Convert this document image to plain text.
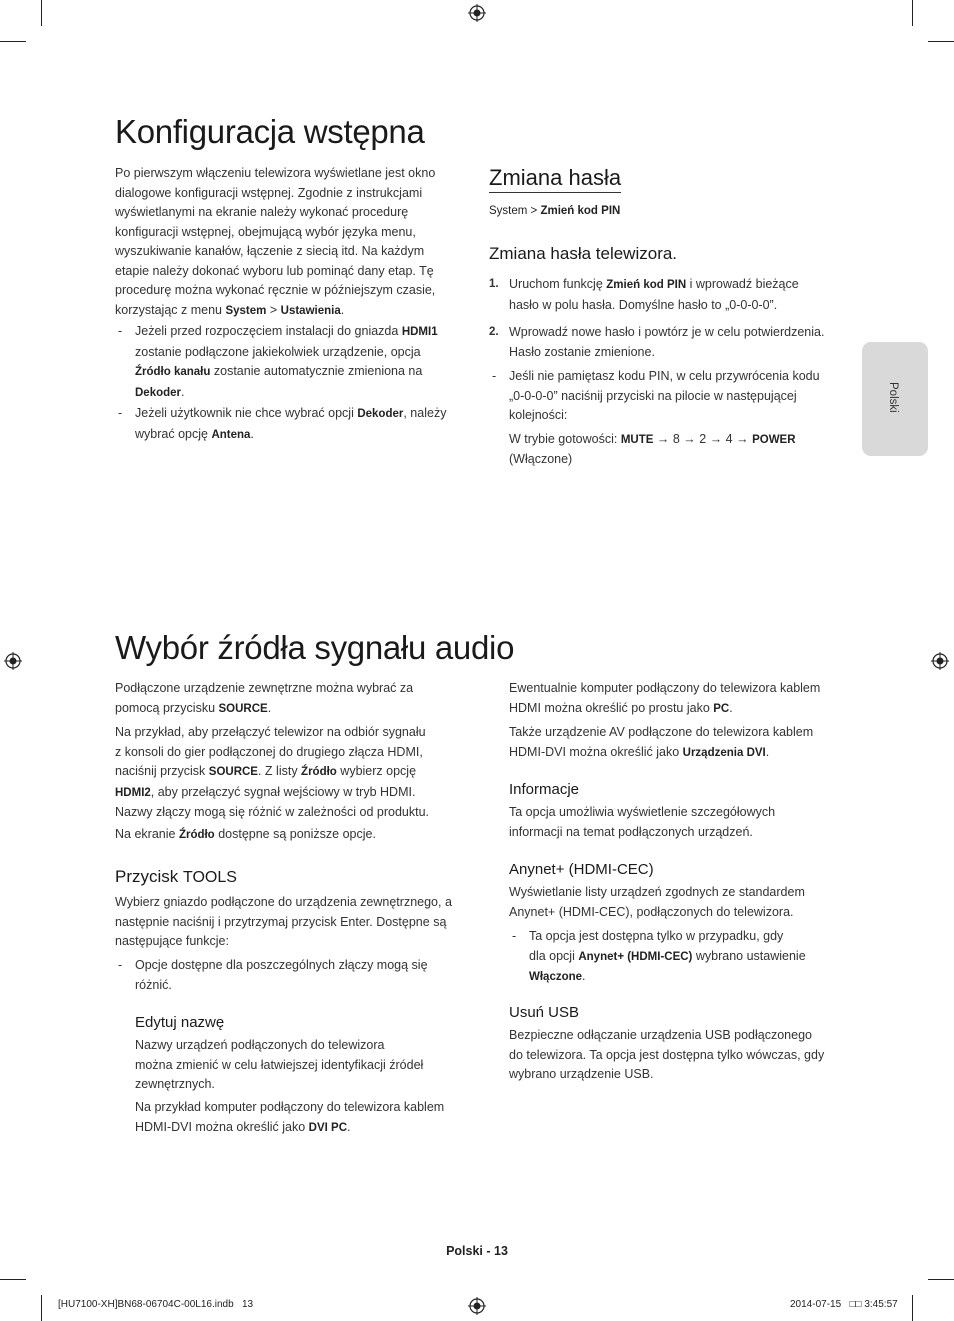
Polski
Konfiguracja wstępna
Po pierwszym włączeniu telewizora wyświetlane jest okno
dialogowe konfiguracji wstępnej. Zgodnie z instrukcjami
wyświetlanymi na ekranie należy wykonać procedurę
konfiguracji wstępnej, obejmującą wybór języka menu,
wyszukiwanie kanałów, łączenie z siecią itd. Na każdym
etapie należy dokonać wyboru lub pominąć dany etap. Tę
procedurę można wykonać ręcznie w późniejszym czasie,
korzystając z menu System > Ustawienia.
- Jeżeli przed rozpoczęciem instalacji do gniazda HDMI1
zostanie podłączone jakiekolwiek urządzenie, opcja
Źródło kanału zostanie automatycznie zmieniona na
Dekoder.
- Jeżeli użytkownik nie chce wybrać opcji Dekoder, należy
wybrać opcję Antena.
Zmiana hasła
System > Zmień kod PIN
Zmiana hasła telewizora.
1. Uruchom funkcję Zmień kod PIN i wprowadź bieżące
hasło w polu hasła. Domyślne hasło to „0-0-0-0”.
2. Wprowadź nowe hasło i powtórz je w celu potwierdzenia.
Hasło zostanie zmienione.
- Jeśli nie pamiętasz kodu PIN, w celu przywrócenia kodu
„0-0-0-0” naciśnij przyciski na pilocie w następującej
kolejności:
W trybie gotowości: MUTE → 8 → 2 → 4 → POWER
(Włączone)
Wybór źródła sygnału audio
Podłączone urządzenie zewnętrzne można wybrać za
pomocą przycisku SOURCE.
Na przykład, aby przełączyć telewizor na odbiór sygnału
z konsoli do gier podłączonej do drugiego złącza HDMI,
naciśnij przycisk SOURCE. Z listy Źródło wybierz opcję
HDMI2, aby przełączyć sygnał wejściowy w tryb HDMI.
Nazwy złączy mogą się różnić w zależności od produktu.
Na ekranie Źródło dostępne są poniższe opcje.
Przycisk TOOLS
Wybierz gniazdo podłączone do urządzenia zewnętrznego, a
następnie naciśnij i przytrzymaj przycisk Enter. Dostępne są
następujące funkcje:
- Opcje dostępne dla poszczególnych złączy mogą się
różnić.
Edytuj nazwę
Nazwy urządzeń podłączonych do telewizora
można zmienić w celu łatwiejszej identyfikacji źródeł
zewnętrznych.
Na przykład komputer podłączony do telewizora kablem
HDMI-DVI można określić jako DVI PC.
Ewentualnie komputer podłączony do telewizora kablem
HDMI można określić po prostu jako PC.
Także urządzenie AV podłączone do telewizora kablem
HDMI-DVI można określić jako Urządzenia DVI.
Informacje
Ta opcja umożliwia wyświetlenie szczegółowych
informacji na temat podłączonych urządzeń.
Anynet+ (HDMI-CEC)
Wyświetlanie listy urządzeń zgodnych ze standardem
Anynet+ (HDMI-CEC), podłączonych do telewizora.
- Ta opcja jest dostępna tylko w przypadku, gdy
dla opcji Anynet+ (HDMI-CEC) wybrano ustawienie
Włączone.
Usuń USB
Bezpieczne odłączanie urządzenia USB podłączonego
do telewizora. Ta opcja jest dostępna tylko wówczas, gdy
wybrano urządzenie USB.
Polski - 13
[HU7100-XH]BN68-06704C-00L16.indb   13	2014-07-15   □□ 3:45:57
